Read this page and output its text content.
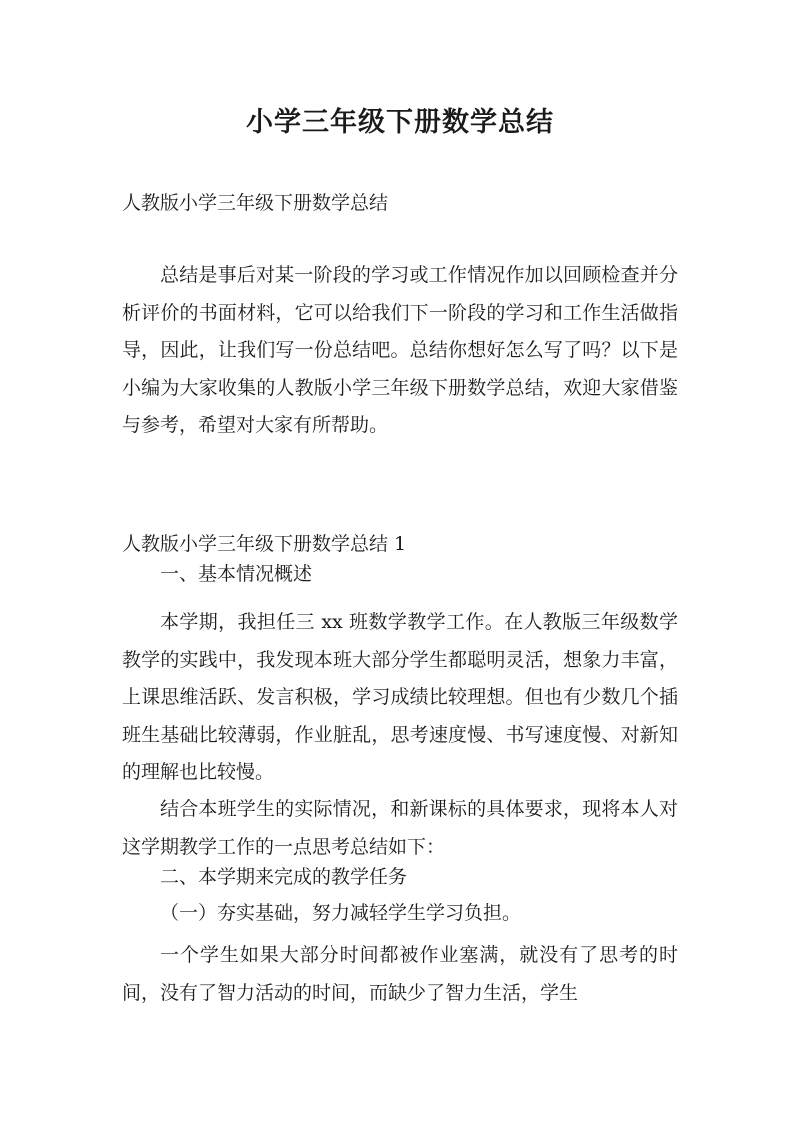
小学三年级下册数学总结

人教版小学三年级下册数学总结

总结是事后对某一阶段的学习或工作情况作加以回顾检查并分析评价的书面材料，它可以给我们下一阶段的学习和工作生活做指导，因此，让我们写一份总结吧。总结你想好怎么写了吗？以下是小编为大家收集的人教版小学三年级下册数学总结，欢迎大家借鉴与参考，希望对大家有所帮助。

人教版小学三年级下册数学总结 1

一、基本情况概述

本学期，我担任三 xx 班数学教学工作。在人教版三年级数学教学的实践中，我发现本班大部分学生都聪明灵活，想象力丰富，上课思维活跃、发言积极，学习成绩比较理想。但也有少数几个插班生基础比较薄弱，作业脏乱，思考速度慢、书写速度慢、对新知的理解也比较慢。

结合本班学生的实际情况，和新课标的具体要求，现将本人对这学期教学工作的一点思考总结如下：

二、本学期来完成的教学任务

（一）夯实基础，努力减轻学生学习负担。

一个学生如果大部分时间都被作业塞满，就没有了思考的时间，没有了智力活动的时间，而缺少了智力生活，学生
